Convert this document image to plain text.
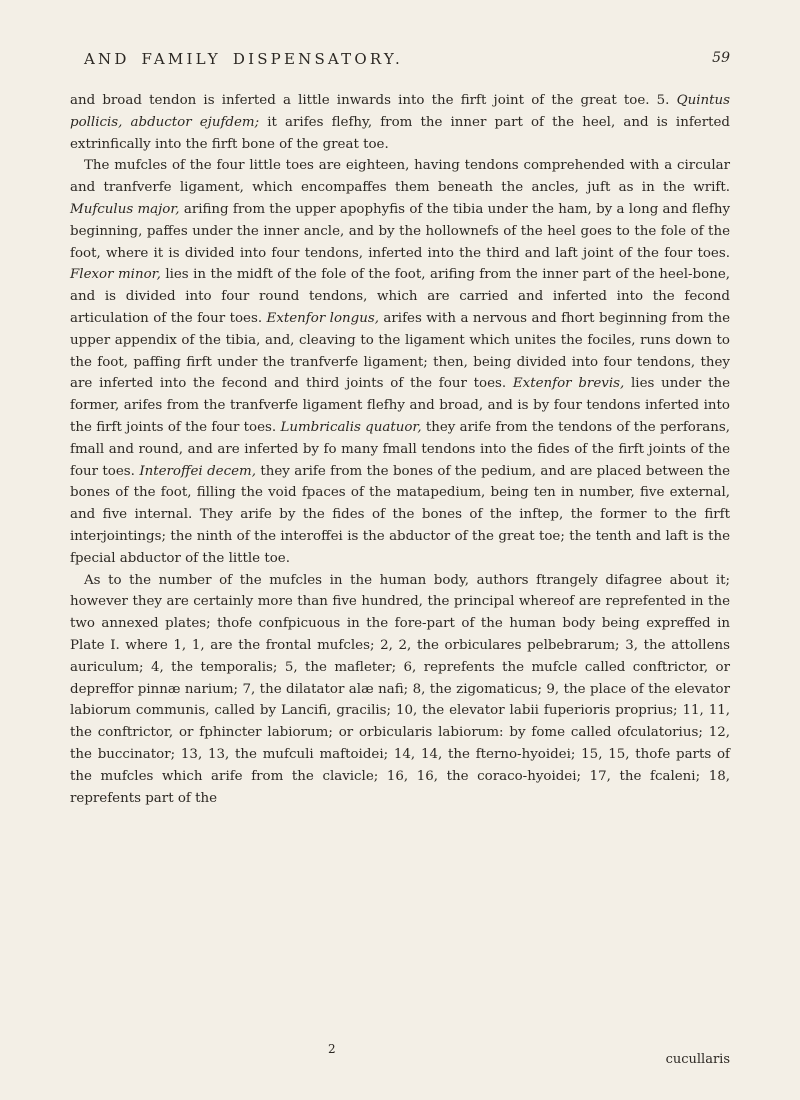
AND FAMILY DISPENSATORY.	59

and broad tendon is inferted a little inwards into the firft joint of the great toe. 5. Quintus pollicis, abductor ejufdem; it arifes flefhy, from the inner part of the heel, and is inferted extrinfically into the firft bone of the great toe.

The mufcles of the four little toes are eighteen, having tendons comprehended with a circular and tranfverfe ligament, which encompaffes them beneath the ancles, juft as in the wrift. Mufculus major, arifing from the upper apophyfis of the tibia under the ham, by a long and flefhy beginning, paffes under the inner ancle, and by the hollownefs of the heel goes to the fole of the foot, where it is divided into four tendons, inferted into the third and laft joint of the four toes. Flexor minor, lies in the midft of the fole of the foot, arifing from the inner part of the heel-bone, and is divided into four round tendons, which are carried and inferted into the fecond articulation of the four toes. Extenfor longus, arifes with a nervous and fhort beginning from the upper appendix of the tibia, and, cleaving to the ligament which unites the fociles, runs down to the foot, paffing firft under the tranfverfe ligament; then, being divided into four tendons, they are inferted into the fecond and third joints of the four toes. Extenfor brevis, lies under the former, arifes from the tranfverfe ligament flefhy and broad, and is by four tendons inferted into the firft joints of the four toes. Lumbricalis quatuor, they arife from the tendons of the perforans, fmall and round, and are inferted by fo many fmall tendons into the fides of the firft joints of the four toes. Interoffei decem, they arife from the bones of the pedium, and are placed between the bones of the foot, filling the void fpaces of the matapedium, being ten in number, five external, and five internal. They arife by the fides of the bones of the inftep, the former to the firft interjointings; the ninth of the interoffei is the abductor of the great toe; the tenth and laft is the fpecial abductor of the little toe.

As to the number of the mufcles in the human body, authors ftrangely difagree about it; however they are certainly more than five hundred, the principal whereof are reprefented in the two annexed plates; thofe confpicuous in the fore-part of the human body being expreffed in Plate I. where 1, 1, are the frontal mufcles; 2, 2, the orbiculares pelbebrarum; 3, the attollens auriculum; 4, the temporalis; 5, the mafleter; 6, reprefents the mufcle called conftrictor, or depreffor pinnæ narium; 7, the dilatator alæ nafi; 8, the zigomaticus; 9, the place of the elevator labiorum communis, called by Lancifi, gracilis; 10, the elevator labii fuperioris proprius; 11, 11, the conftrictor, or fphincter labiorum; or orbicularis labiorum: by fome called ofculatorius; 12, the buccinator; 13, 13, the mufculi maftoidei; 14, 14, the fterno-hyoidei; 15, 15, thofe parts of the mufcles which arife from the clavicle; 16, 16, the coraco-hyoidei; 17, the fcaleni; 18, reprefents part of the

2
cucullaris
